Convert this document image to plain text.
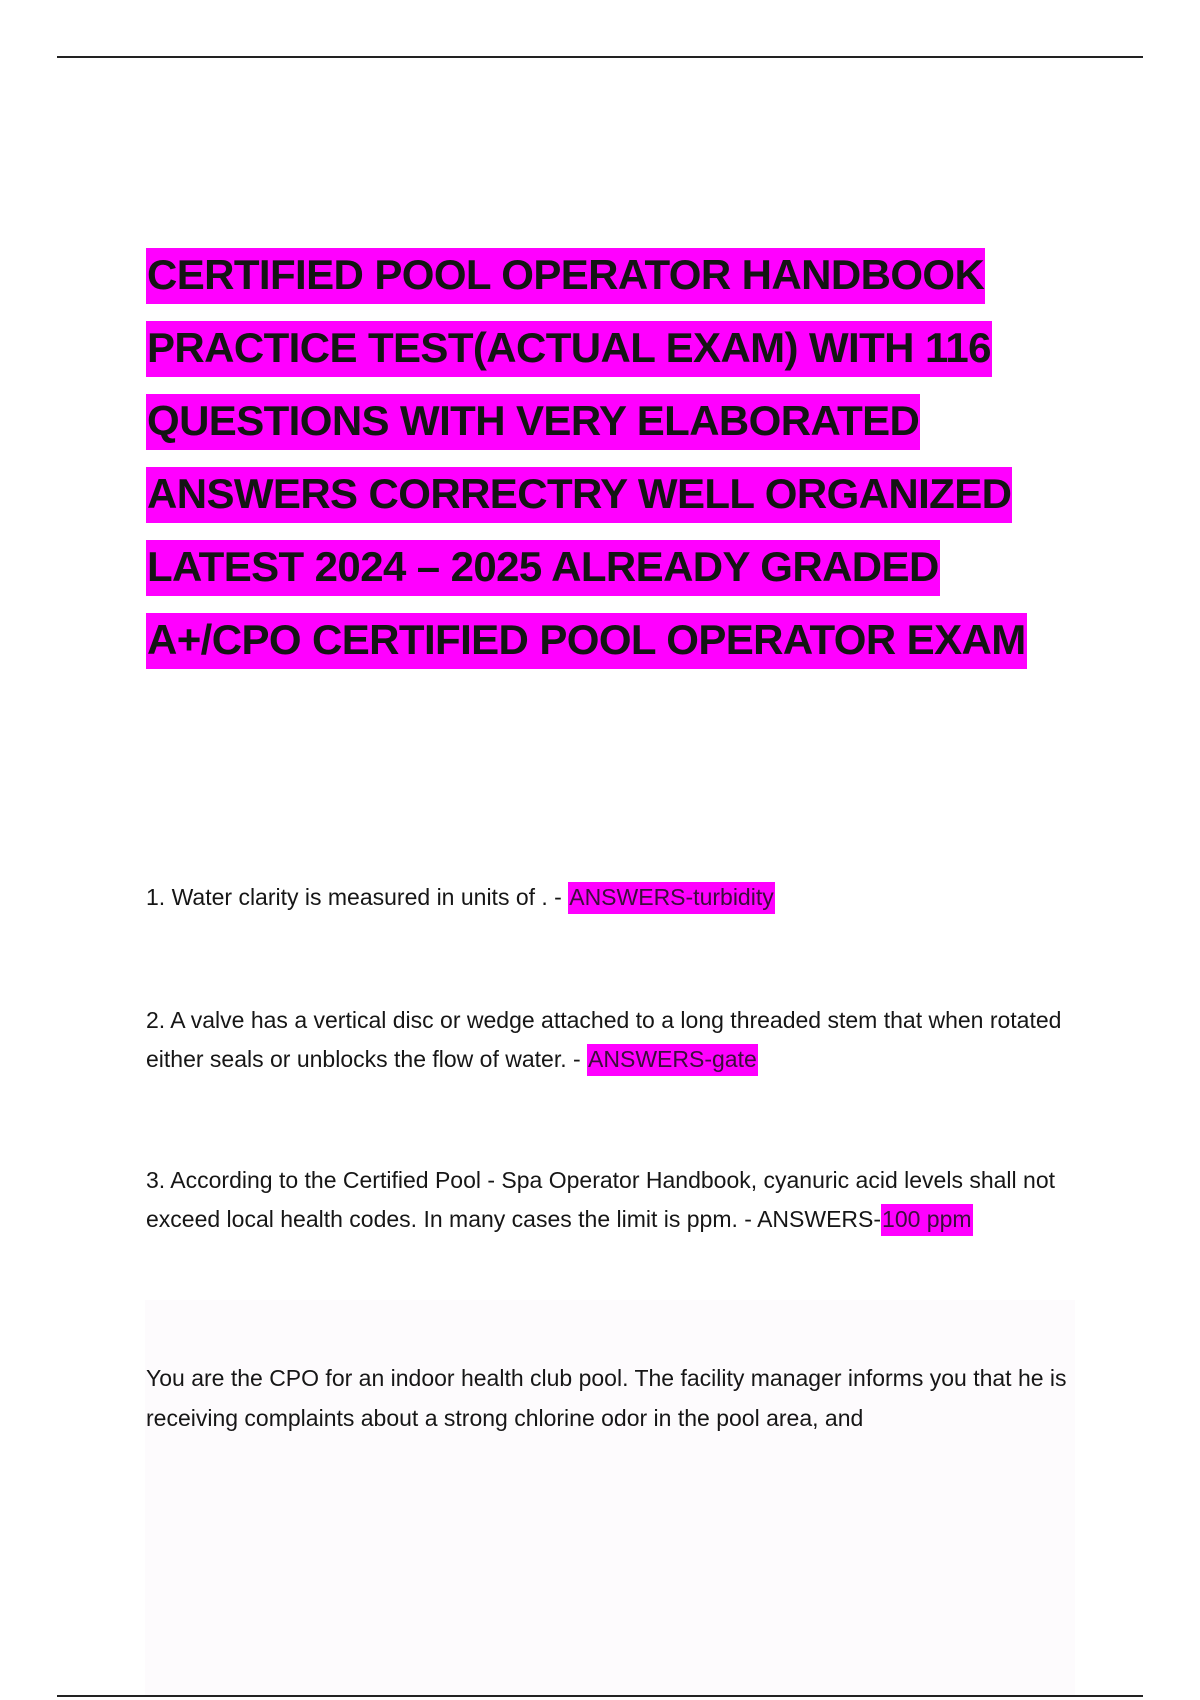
CERTIFIED POOL OPERATOR HANDBOOK
PRACTICE TEST(ACTUAL EXAM) WITH 116
QUESTIONS WITH VERY ELABORATED
ANSWERS CORRECTRY WELL ORGANIZED
LATEST 2024 – 2025 ALREADY GRADED
A+/CPO CERTIFIED POOL OPERATOR EXAM

1. Water clarity is measured in units of . - ANSWERS-turbidity

2. A valve has a vertical disc or wedge attached to a long threaded stem that when rotated either seals or unblocks the flow of water. - ANSWERS-gate

3. According to the Certified Pool - Spa Operator Handbook, cyanuric acid levels shall not exceed local health codes. In many cases the limit is ppm. - ANSWERS-100 ppm

You are the CPO for an indoor health club pool. The facility manager informs you that he is receiving complaints about a strong chlorine odor in the pool area, and
